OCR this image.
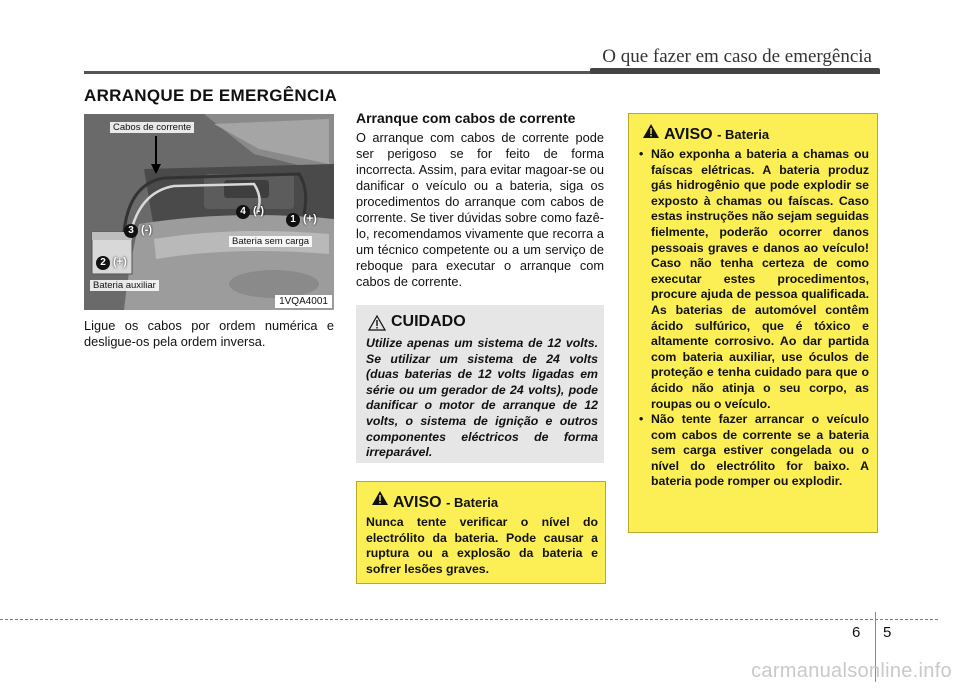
O que fazer em caso de emergência
ARRANQUE DE EMERGÊNCIA
Cabos de corrente
Bateria sem carga
Bateria auxiliar
1 (+)
2 (+)
3 (-)
4 (-)
1VQA4001
Ligue os cabos por ordem numérica e desligue-os pela ordem inversa.
Arranque com cabos de corrente
O arranque com cabos de corrente pode ser perigoso se for feito de forma incorrecta. Assim, para evitar magoar-se ou danificar o veículo ou a bateria, siga os procedimentos do arranque com cabos de corrente. Se tiver dúvidas sobre como fazê-lo, recomendamos vivamente que recorra a um técnico competente ou a um serviço de reboque para executar o arranque com cabos de corrente.
CUIDADO
Utilize apenas um sistema de 12 volts. Se utilizar um sistema de 24 volts (duas baterias de 12 volts ligadas em série ou um gerador de 24 volts), pode danificar o motor de arranque de 12 volts, o sistema de ignição e outros componentes eléctricos de forma irreparável.
AVISO - Bateria
Nunca tente verificar o nível do electrólito da bateria. Pode causar a ruptura ou a explosão da bateria e sofrer lesões graves.
AVISO - Bateria
• Não exponha a bateria a chamas ou faíscas elétricas. A bateria produz gás hidrogênio que pode explodir se exposto à chamas ou faíscas. Caso estas instruções não sejam seguidas fielmente, poderão ocorrer danos pessoais graves e danos ao veículo! Caso não tenha certeza de como executar estes procedimentos, procure ajuda de pessoa qualificada. As baterias de automóvel contêm ácido sulfúrico, que é tóxico e altamente corrosivo. Ao dar partida com bateria auxiliar, use óculos de proteção e tenha cuidado para que o ácido não atinja o seu corpo, as roupas ou o veículo.
• Não tente fazer arrancar o veículo com cabos de corrente se a bateria sem carga estiver congelada ou o nível do electrólito for baixo. A bateria pode romper ou explodir.
6 5
carmanualsonline.info
